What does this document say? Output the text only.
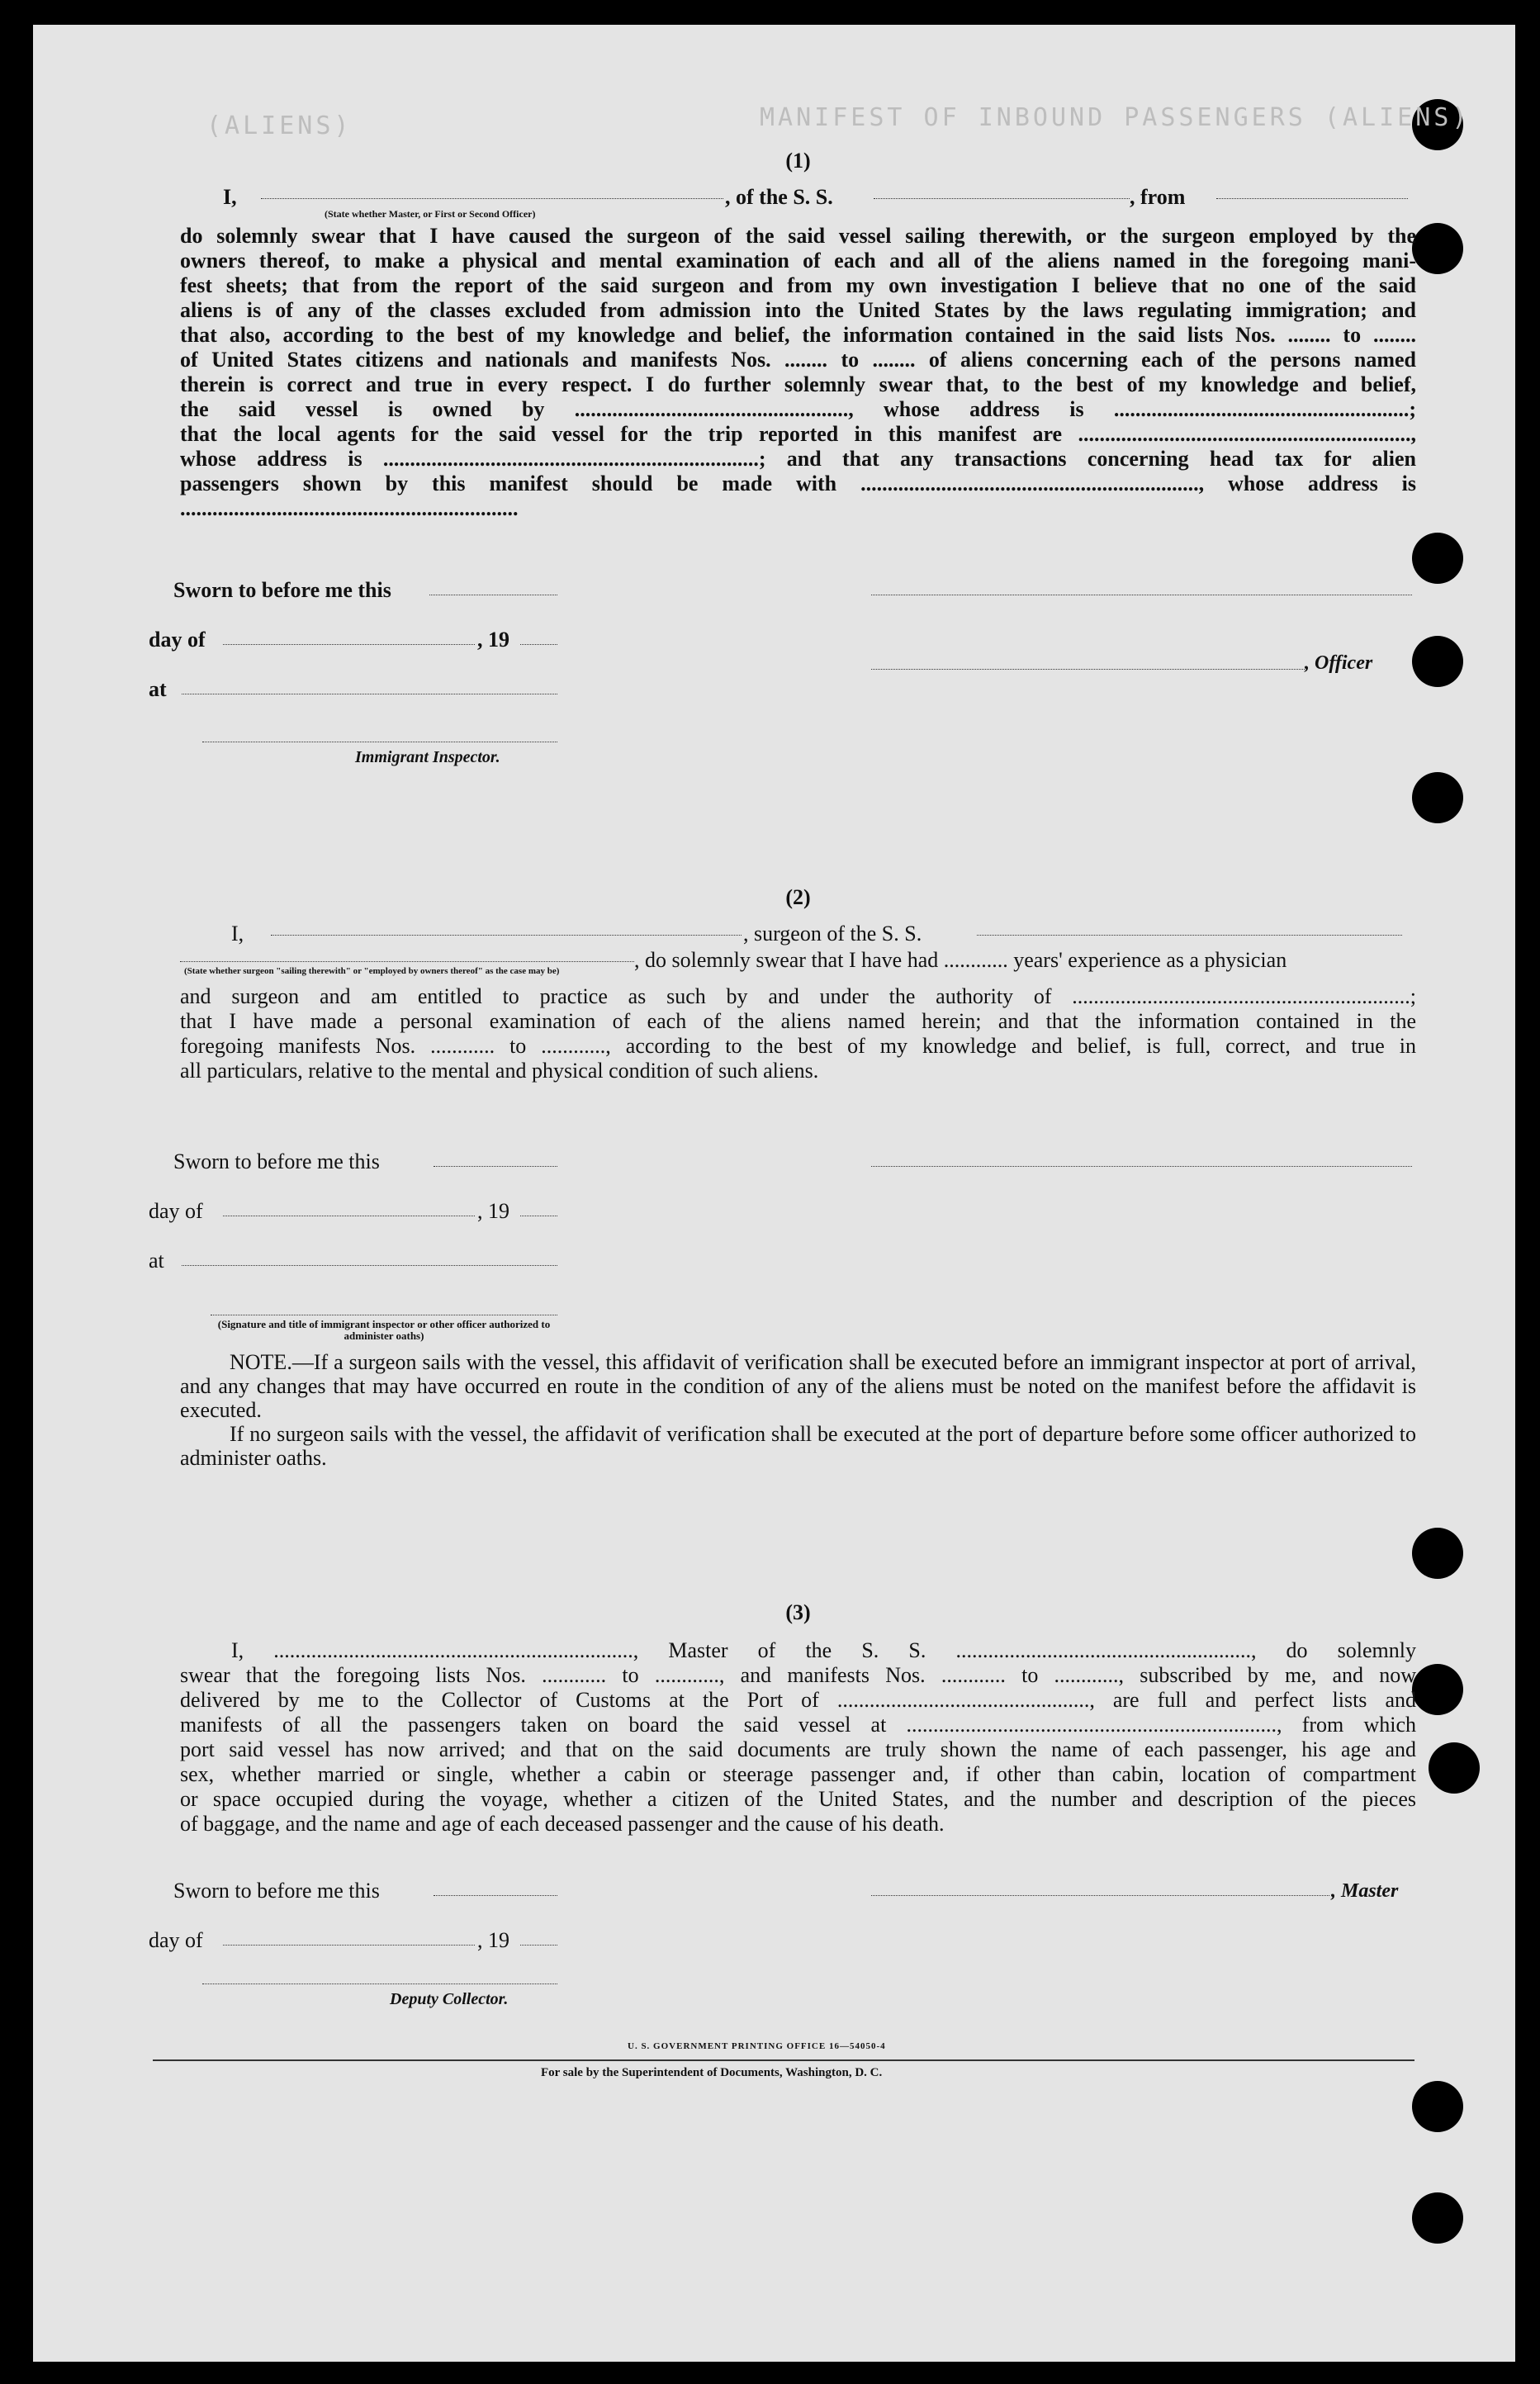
MANIFEST OF INBOUND PASSENGERS (ALIENS)
(ALIENS)
(1)
I,	, of the S. S.	, from
(State whether Master, or First or Second Officer)

do solemnly swear that I have caused the surgeon of the said vessel sailing therewith, or the surgeon employed by the

owners thereof, to make a physical and mental examination of each and all of the aliens named in the foregoing mani-

fest sheets; that from the report of the said surgeon and from my own investigation I believe that no one of the said

aliens is of any of the classes excluded from admission into the United States by the laws regulating immigration; and

that also, according to the best of my knowledge and belief, the information contained in the said lists Nos. ........ to ........

of United States citizens and nationals and manifests Nos. ........ to ........ of aliens concerning each of the persons named

therein is correct and true in every respect. I do further solemnly swear that, to the best of my knowledge and belief,

the said vessel is owned by ..................................................., whose address is .......................................................;

that the local agents for the said vessel for the trip reported in this manifest are ..............................................................,

whose address is ......................................................................; and that any transactions concerning head tax for alien

passengers shown by this manifest should be made with ..............................................................., whose address is

...............................................................

Sworn to before me this
day of	, 19
, Officer
at
Immigrant Inspector.
(2)
I,	, surgeon of the S. S.
, do solemnly swear that I have had ............ years' experience as a physician
(State whether surgeon "sailing therewith" or "employed by owners thereof" as the case may be)

and surgeon and am entitled to practice as such by and under the authority of ...............................................................;

that I have made a personal examination of each of the aliens named herein; and that the information contained in the

foregoing manifests Nos. ............ to ............, according to the best of my knowledge and belief, is full, correct, and true in

all particulars, relative to the mental and physical condition of such aliens.

Sworn to before me this
day of	, 19
at
(Signature and title of immigrant inspector or other officer authorized to administer oaths)

NOTE.—If a surgeon sails with the vessel, this affidavit of verification shall be executed before an immigrant inspector at port of arrival, and any changes that may have occurred en route in the condition of any of the aliens must be noted on the manifest before the affidavit is executed.

If no surgeon sails with the vessel, the affidavit of verification shall be executed at the port of departure before some officer authorized to administer oaths.

(3)

I, ..................................................................., Master of the S. S. ......................................................., do solemnly

swear that the foregoing lists Nos. ............ to ............, and manifests Nos. ............ to ............, subscribed by me, and now

delivered by me to the Collector of Customs at the Port of ..............................................., are full and perfect lists and

manifests of all the passengers taken on board the said vessel at ....................................................................., from which

port said vessel has now arrived; and that on the said documents are truly shown the name of each passenger, his age and

sex, whether married or single, whether a cabin or steerage passenger and, if other than cabin, location of compartment

or space occupied during the voyage, whether a citizen of the United States, and the number and description of the pieces

of baggage, and the name and age of each deceased passenger and the cause of his death.

Sworn to before me this	, Master
day of	, 19
Deputy Collector.
U. S. GOVERNMENT PRINTING OFFICE 16—54050-4
For sale by the Superintendent of Documents, Washington, D. C.
